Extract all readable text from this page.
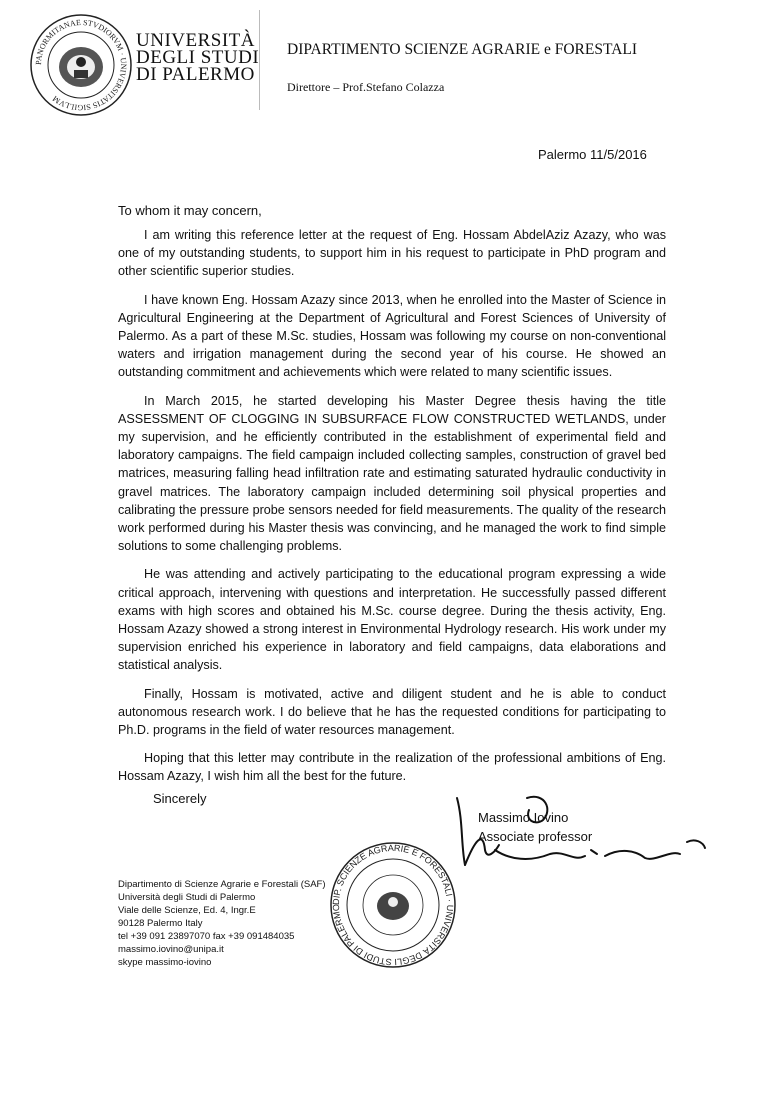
PANORMITANAE STVDIORVM · UNIVERSITATIS SIGILLVM
UNIVERSITÀ
DEGLI STUDI
DI PALERMO
DIPARTIMENTO SCIENZE AGRARIE e FORESTALI
Direttore – Prof.Stefano Colazza
Palermo 11/5/2016
To whom it may concern,

I am writing this reference letter at the request of Eng. Hossam AbdelAziz Azazy, who was one of my outstanding students, to support him in his request to participate in PhD program and other scientific superior studies.

I have known Eng. Hossam Azazy since 2013, when he enrolled into the Master of Science in Agricultural Engineering at the Department of Agricultural and Forest Sciences of University of Palermo. As a part of these M.Sc. studies, Hossam was following my course on non-conventional waters and irrigation management during the second year of his course. He showed an outstanding commitment and achievements which were related to many scientific issues.

In March 2015, he started developing his Master Degree thesis having the title ASSESSMENT OF CLOGGING IN SUBSURFACE FLOW CONSTRUCTED WETLANDS, under my supervision, and he efficiently contributed in the establishment of experimental field and laboratory campaigns. The field campaign included collecting samples, construction of gravel bed matrices, measuring falling head infiltration rate and estimating saturated hydraulic conductivity in gravel matrices. The laboratory campaign included determining soil physical properties and calibrating the pressure probe sensors needed for field measurements. The quality of the research work performed during his Master thesis was convincing, and he managed the work to find simple solutions to some challenging problems.

He was attending and actively participating to the educational program expressing a wide critical approach, intervening with questions and interpretation. He successfully passed different exams with high scores and obtained his M.Sc. course degree. During the thesis activity, Eng. Hossam Azazy showed a strong interest in Environmental Hydrology research. His work under my supervision enriched his experience in laboratory and field campaigns, data elaborations and statistical analysis.

Finally, Hossam is motivated, active and diligent student and he is able to conduct autonomous research work. I do believe that he has the requested conditions for participating to Ph.D. programs in the field of water resources management.

Hoping that this letter may contribute in the realization of the professional ambitions of Eng. Hossam Azazy, I wish him all the best for the future.

Sincerely
Massimo Iovino
Associate professor
Dipartimento di Scienze Agrarie e Forestali (SAF)
Università degli Studi di Palermo
Viale delle Scienze, Ed. 4, Ingr.E
90128 Palermo Italy
tel +39 091 23897070 fax +39 091484035
massimo.iovino@unipa.it
skype massimo-iovino
DIP. SCIENZE AGRARIE E FORESTALI · UNIVERSITÀ DEGLI STUDI DI PALERMO
